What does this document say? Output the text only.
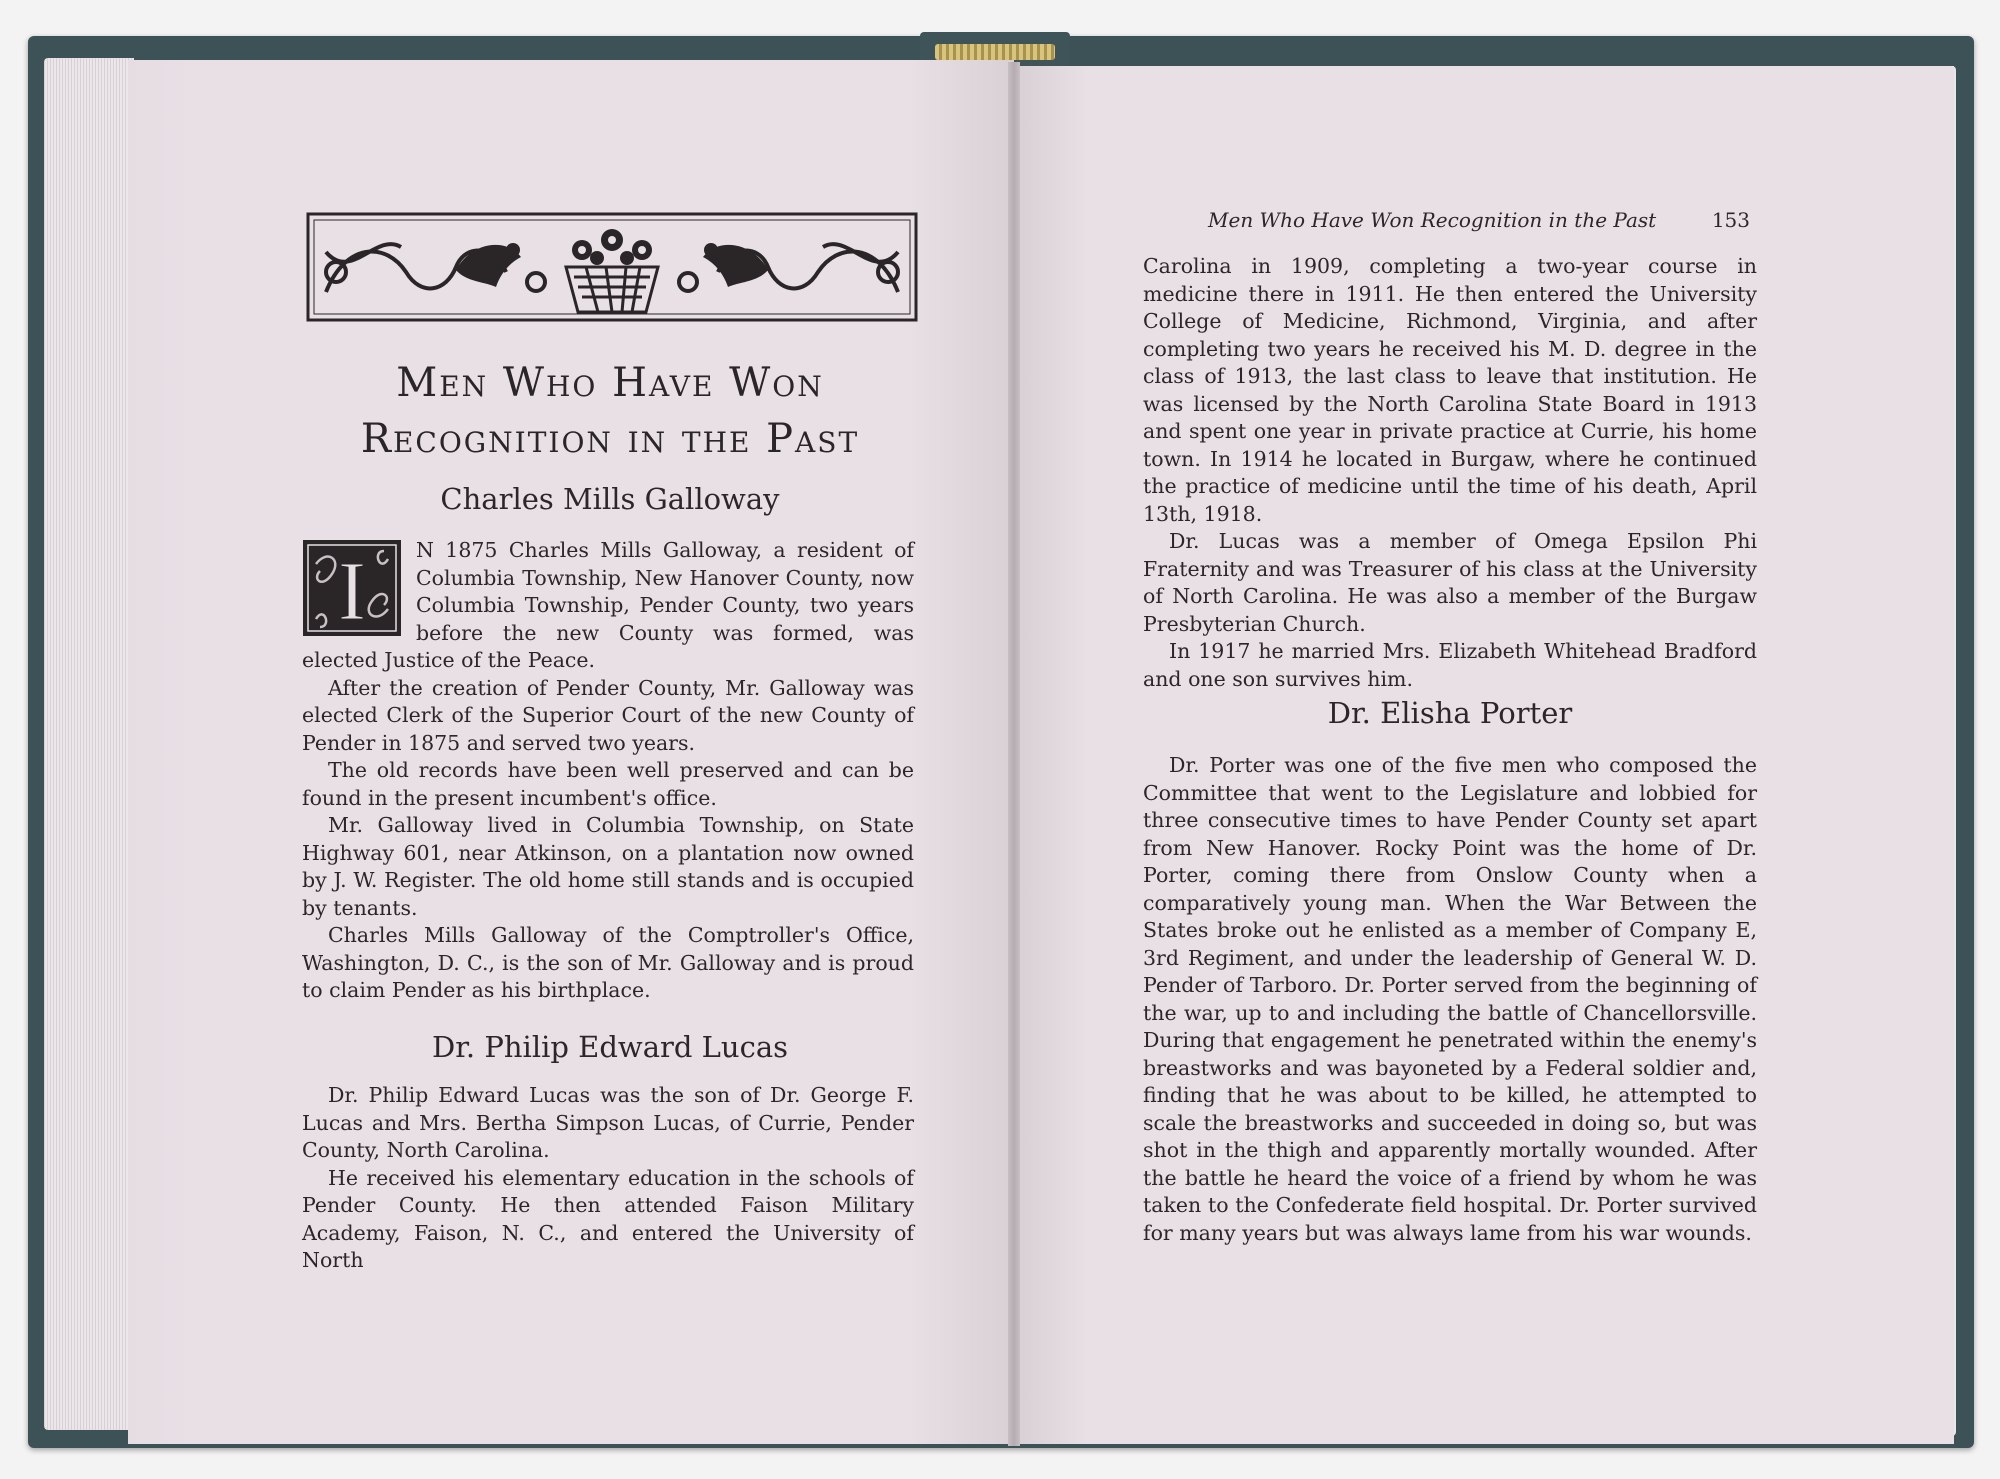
Men Who Have Won
Recognition in the Past
Charles Mills Galloway

I N 1875 Charles Mills Galloway, a resident of Columbia Township, New Hanover County, now Columbia Township, Pender County, two years before the new County was formed, was elected Justice of the Peace.

After the creation of Pender County, Mr. Galloway was elected Clerk of the Superior Court of the new County of Pender in 1875 and served two years.

The old records have been well preserved and can be found in the present incumbent's office.

Mr. Galloway lived in Columbia Township, on State Highway 601, near Atkinson, on a plantation now owned by J. W. Register. The old home still stands and is occupied by tenants.

Charles Mills Galloway of the Comptroller's Office, Washington, D. C., is the son of Mr. Galloway and is proud to claim Pender as his birthplace.

Dr. Philip Edward Lucas

Dr. Philip Edward Lucas was the son of Dr. George F. Lucas and Mrs. Bertha Simpson Lucas, of Currie, Pender County, North Carolina.

He received his elementary education in the schools of Pender County. He then attended Faison Military Academy, Faison, N. C., and entered the University of North

Men Who Have Won Recognition in the Past	153

Carolina in 1909, completing a two-year course in medicine there in 1911. He then entered the University College of Medicine, Richmond, Virginia, and after completing two years he received his M. D. degree in the class of 1913, the last class to leave that institution. He was licensed by the North Carolina State Board in 1913 and spent one year in private practice at Currie, his home town. In 1914 he located in Burgaw, where he continued the practice of medicine until the time of his death, April 13th, 1918.

Dr. Lucas was a member of Omega Epsilon Phi Fraternity and was Treasurer of his class at the University of North Carolina. He was also a member of the Burgaw Presbyterian Church.

In 1917 he married Mrs. Elizabeth Whitehead Bradford and one son survives him.

Dr. Elisha Porter

Dr. Porter was one of the five men who composed the Committee that went to the Legislature and lobbied for three consecutive times to have Pender County set apart from New Hanover. Rocky Point was the home of Dr. Porter, coming there from Onslow County when a comparatively young man. When the War Between the States broke out he enlisted as a member of Company E, 3rd Regiment, and under the leadership of General W. D. Pender of Tarboro. Dr. Porter served from the beginning of the war, up to and including the battle of Chancellorsville. During that engagement he penetrated within the enemy's breastworks and was bayoneted by a Federal soldier and, finding that he was about to be killed, he attempted to scale the breastworks and succeeded in doing so, but was shot in the thigh and apparently mortally wounded. After the battle he heard the voice of a friend by whom he was taken to the Confederate field hospital. Dr. Porter survived for many years but was always lame from his war wounds.
